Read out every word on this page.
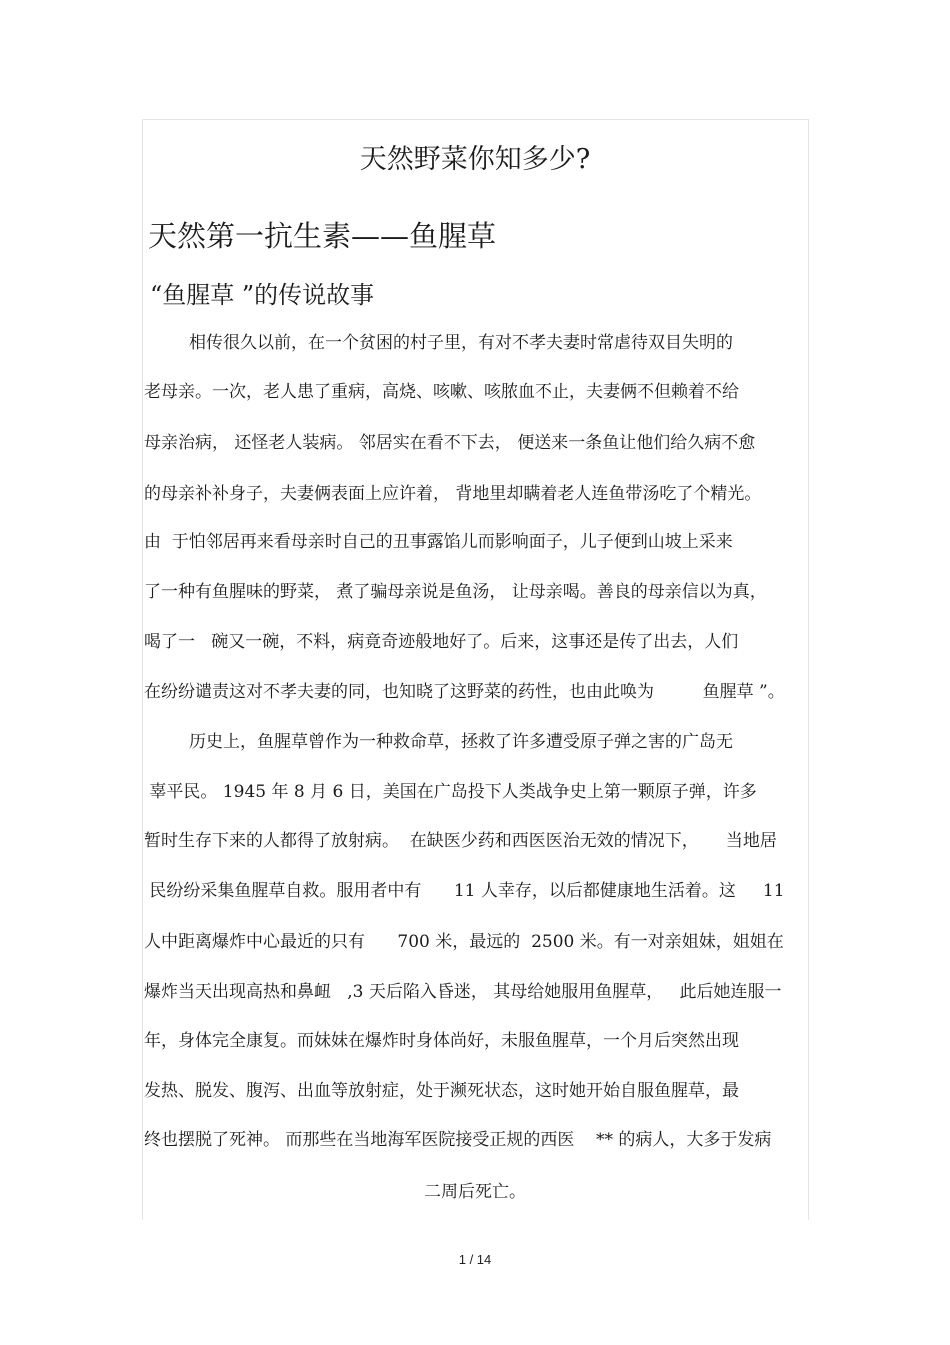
天然野菜你知多少?
天然第一抗生素——鱼腥草
“鱼腥草 ”的传说故事
相传很久以前，在一个贫困的村子里，有对不孝夫妻时常虐待双目失明的
老母亲。一次，老人患了重病，高烧、咳嗽、咳脓血不止，夫妻俩不但赖着不给
母亲治病， 还怪老人装病。 邻居实在看不下去， 便送来一条鱼让他们给久病不愈
的母亲补补身子，夫妻俩表面上应许着， 背地里却瞒着老人连鱼带汤吃了个精光。
由  于怕邻居再来看母亲时自己的丑事露馅儿而影响面子，儿子便到山坡上采来
了一种有鱼腥味的野菜， 煮了骗母亲说是鱼汤， 让母亲喝。善良的母亲信以为真，
喝了一   碗又一碗，不料，病竟奇迹般地好了。后来，这事还是传了出去，人们
在纷纷谴责这对不孝夫妻的同，也知晓了这野菜的药性，也由此唤为         鱼腥草 ”。
历史上，鱼腥草曾作为一种救命草，拯救了许多遭受原子弹之害的广岛无
辜平民。 1945 年 8 月 6 日，美国在广岛投下人类战争史上第一颗原子弹，许多
暂时生存下来的人都得了放射病。  在缺医少药和西医医治无效的情况下，     当地居
民纷纷采集鱼腥草自救。服用者中有      11 人幸存，以后都健康地生活着。这     11
人中距离爆炸中心最近的只有      700 米，最远的  2500 米。有一对亲姐妹，姐姐在
爆炸当天出现高热和鼻衄   ,3 天后陷入昏迷， 其母给她服用鱼腥草，   此后她连服一
年，身体完全康复。而妹妹在爆炸时身体尚好，未服鱼腥草，一个月后突然出现
发热、脱发、腹泻、出血等放射症，处于濒死状态，这时她开始自服鱼腥草，最
终也摆脱了死神。 而那些在当地海军医院接受正规的西医    ** 的病人，大多于发病
二周后死亡。
1 / 14
